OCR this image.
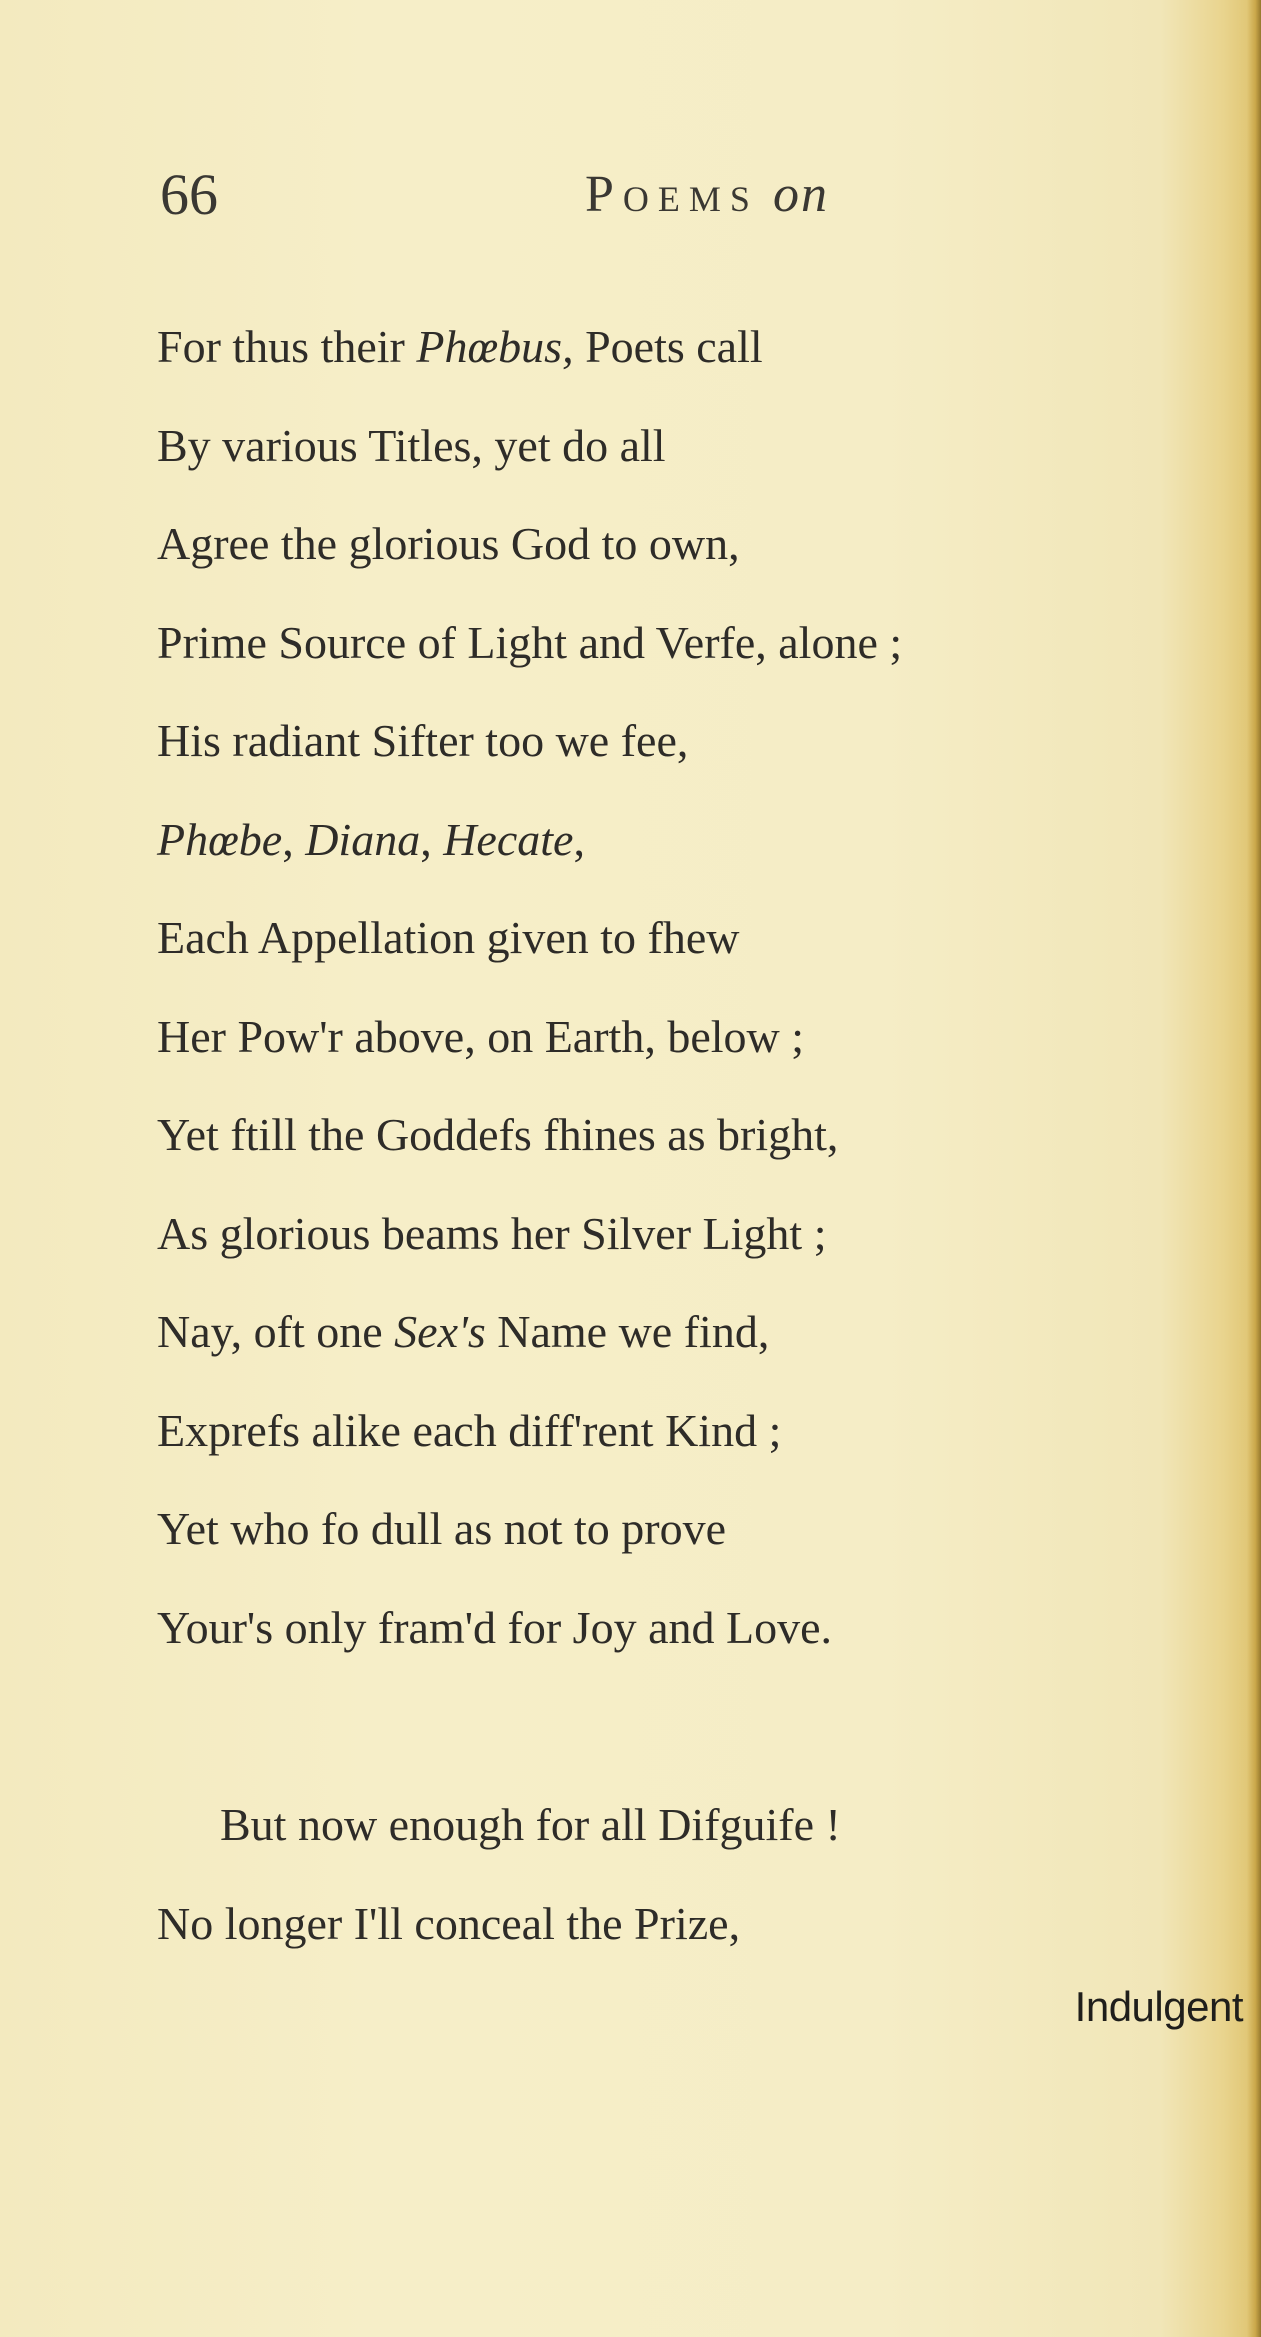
66	Poems on
For thus their Phœbus, Poets call
By various Titles, yet do all
Agree the glorious God to own,
Prime Source of Light and Verfe, alone ;
His radiant Sifter too we fee,
Phœbe, Diana, Hecate,
Each Appellation given to fhew
Her Pow'r above, on Earth, below ;
Yet ftill the Goddefs fhines as bright,
As glorious beams her Silver Light ;
Nay, oft one Sex's Name we find,
Exprefs alike each diff'rent Kind ;
Yet who fo dull as not to prove
Your's only fram'd for Joy and Love.
But now enough for all Difguife !
No longer I'll conceal the Prize,
Indulgent
